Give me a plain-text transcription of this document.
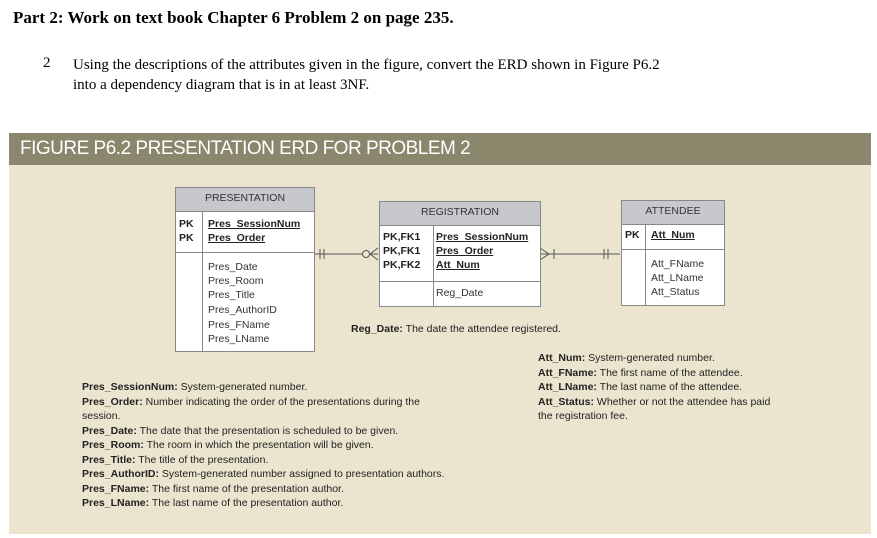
Part 2: Work on text book Chapter 6 Problem 2 on page 235.
2 Using the descriptions of the attributes given in the figure, convert the ERD shown in Figure P6.2
into a dependency diagram that is in at least 3NF.
FIGURE P6.2 PRESENTATION ERD FOR PROBLEM 2
PRESENTATION
PK
PK
Pres_SessionNum
Pres_Order
Pres_Date
Pres_Room
Pres_Title
Pres_AuthorID
Pres_FName
Pres_LName
REGISTRATION
PK,FK1
PK,FK1
PK,FK2
Pres_SessionNum
Pres_Order
Att_Num
Reg_Date
ATTENDEE
PK Att_Num
Att_FName
Att_LName
Att_Status
Reg_Date: The date the attendee registered.
Pres_SessionNum: System-generated number.
Pres_Order: Number indicating the order of the presentations during the
session.
Pres_Date: The date that the presentation is scheduled to be given.
Pres_Room: The room in which the presentation will be given.
Pres_Title: The title of the presentation.
Pres_AuthorID: System-generated number assigned to presentation authors.
Pres_FName: The first name of the presentation author.
Pres_LName: The last name of the presentation author.
Att_Num: System-generated number.
Att_FName: The first name of the attendee.
Att_LName: The last name of the attendee.
Att_Status: Whether or not the attendee has paid
the registration fee.
